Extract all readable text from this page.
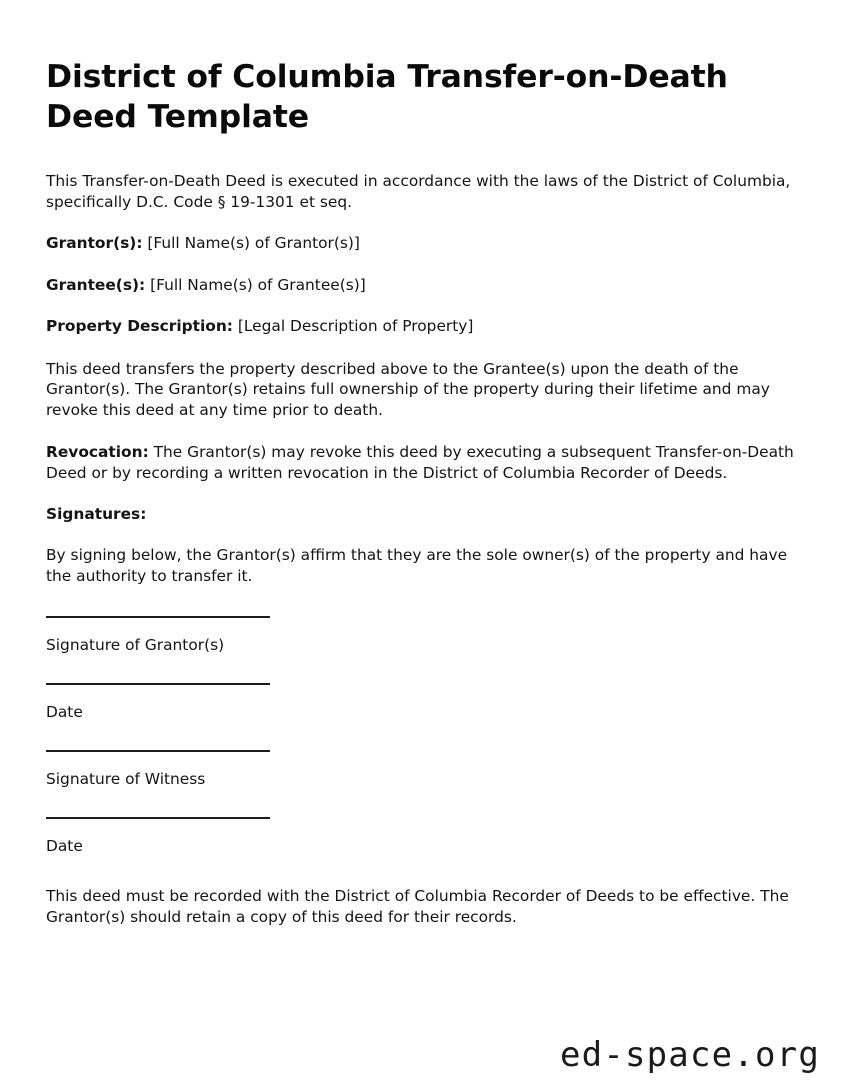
District of Columbia Transfer-on-Death Deed Template

This Transfer-on-Death Deed is executed in accordance with the laws of the District of Columbia, specifically D.C. Code § 19-1301 et seq.

Grantor(s): [Full Name(s) of Grantor(s)]

Grantee(s): [Full Name(s) of Grantee(s)]

Property Description: [Legal Description of Property]

This deed transfers the property described above to the Grantee(s) upon the death of the Grantor(s). The Grantor(s) retains full ownership of the property during their lifetime and may revoke this deed at any time prior to death.

Revocation: The Grantor(s) may revoke this deed by executing a subsequent Transfer-on-Death Deed or by recording a written revocation in the District of Columbia Recorder of Deeds.

Signatures:

By signing below, the Grantor(s) affirm that they are the sole owner(s) of the property and have the authority to transfer it.

Signature of Grantor(s)

Date

Signature of Witness

Date

This deed must be recorded with the District of Columbia Recorder of Deeds to be effective. The Grantor(s) should retain a copy of this deed for their records.

ed-space.org
